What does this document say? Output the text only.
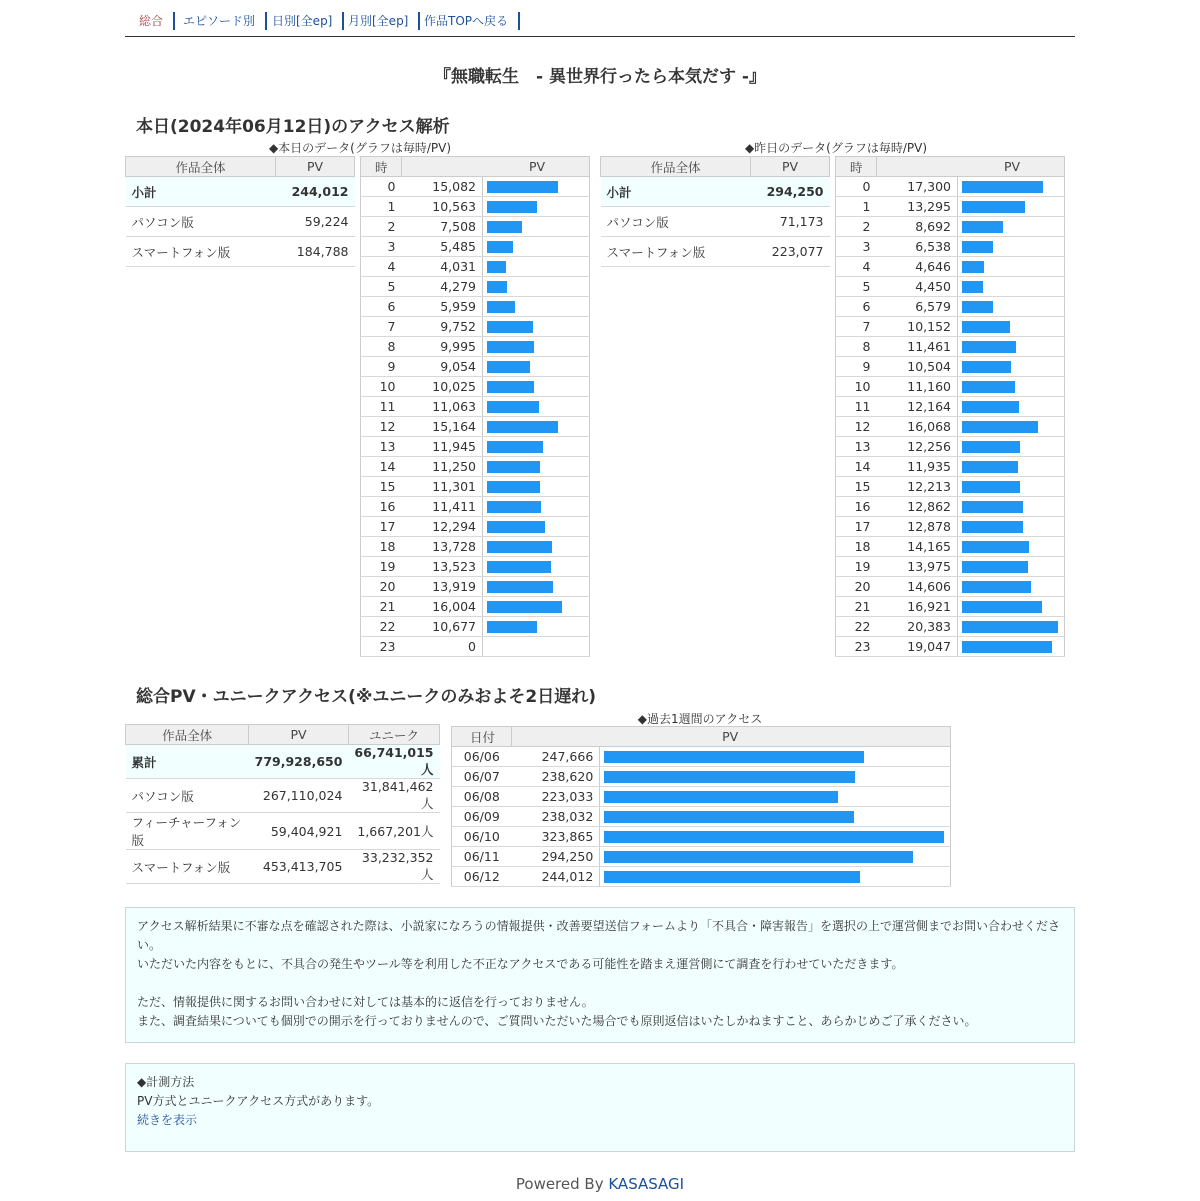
総合	エピソード別	日別[全ep]	月別[全ep]	作品TOPへ戻る
『無職転生　- 異世界行ったら本気だす -』
本日(2024年06月12日)のアクセス解析
◆本日のデータ(グラフは毎時/PV)
作品全体	PV
小計	244,012
パソコン版	59,224
スマートフォン版	184,788
時	PV	
0	15,082	

1	10,563	

2	7,508	

3	5,485	

4	4,031	

5	4,279	

6	5,959	

7	9,752	

8	9,995	

9	9,054	

10	10,025	

11	11,063	

12	15,164	

13	11,945	

14	11,250	

15	11,301	

16	11,411	

17	12,294	

18	13,728	

19	13,523	

20	13,919	

21	16,004	

22	10,677	

23	0	
◆昨日のデータ(グラフは毎時/PV)
作品全体	PV
小計	294,250
パソコン版	71,173
スマートフォン版	223,077
時	PV	
0	17,300	

1	13,295	

2	8,692	

3	6,538	

4	4,646	

5	4,450	

6	6,579	

7	10,152	

8	11,461	

9	10,504	

10	11,160	

11	12,164	

12	16,068	

13	12,256	

14	11,935	

15	12,213	

16	12,862	

17	12,878	

18	14,165	

19	13,975	

20	14,606	

21	16,921	

22	20,383	

23	19,047	
総合PV・ユニークアクセス(※ユニークのみおよそ2日遅れ)
作品全体	PV	ユニーク
累計	779,928,650	66,741,015人
パソコン版	267,110,024	31,841,462人
フィーチャーフォン版	59,404,921	1,667,201人
スマートフォン版	453,413,705	33,232,352人
◆過去1週間のアクセス
日付	PV	
06/06	247,666	

06/07	238,620	

06/08	223,033	

06/09	238,032	

06/10	323,865	

06/11	294,250	

06/12	244,012	
アクセス解析結果に不審な点を確認された際は、小説家になろうの情報提供・改善要望送信フォームより「不具合・障害報告」を選択の上で運営側までお問い合わせください。
いただいた内容をもとに、不具合の発生やツール等を利用した不正なアクセスである可能性を踏まえ運営側にて調査を行わせていただきます。
ただ、情報提供に関するお問い合わせに対しては基本的に返信を行っておりません。
また、調査結果についても個別での開示を行っておりませんので、ご質問いただいた場合でも原則返信はいたしかねますこと、あらかじめご了承ください。
◆計測方法
PV方式とユニークアクセス方式があります。
続きを表示
Powered By KASASAGI
